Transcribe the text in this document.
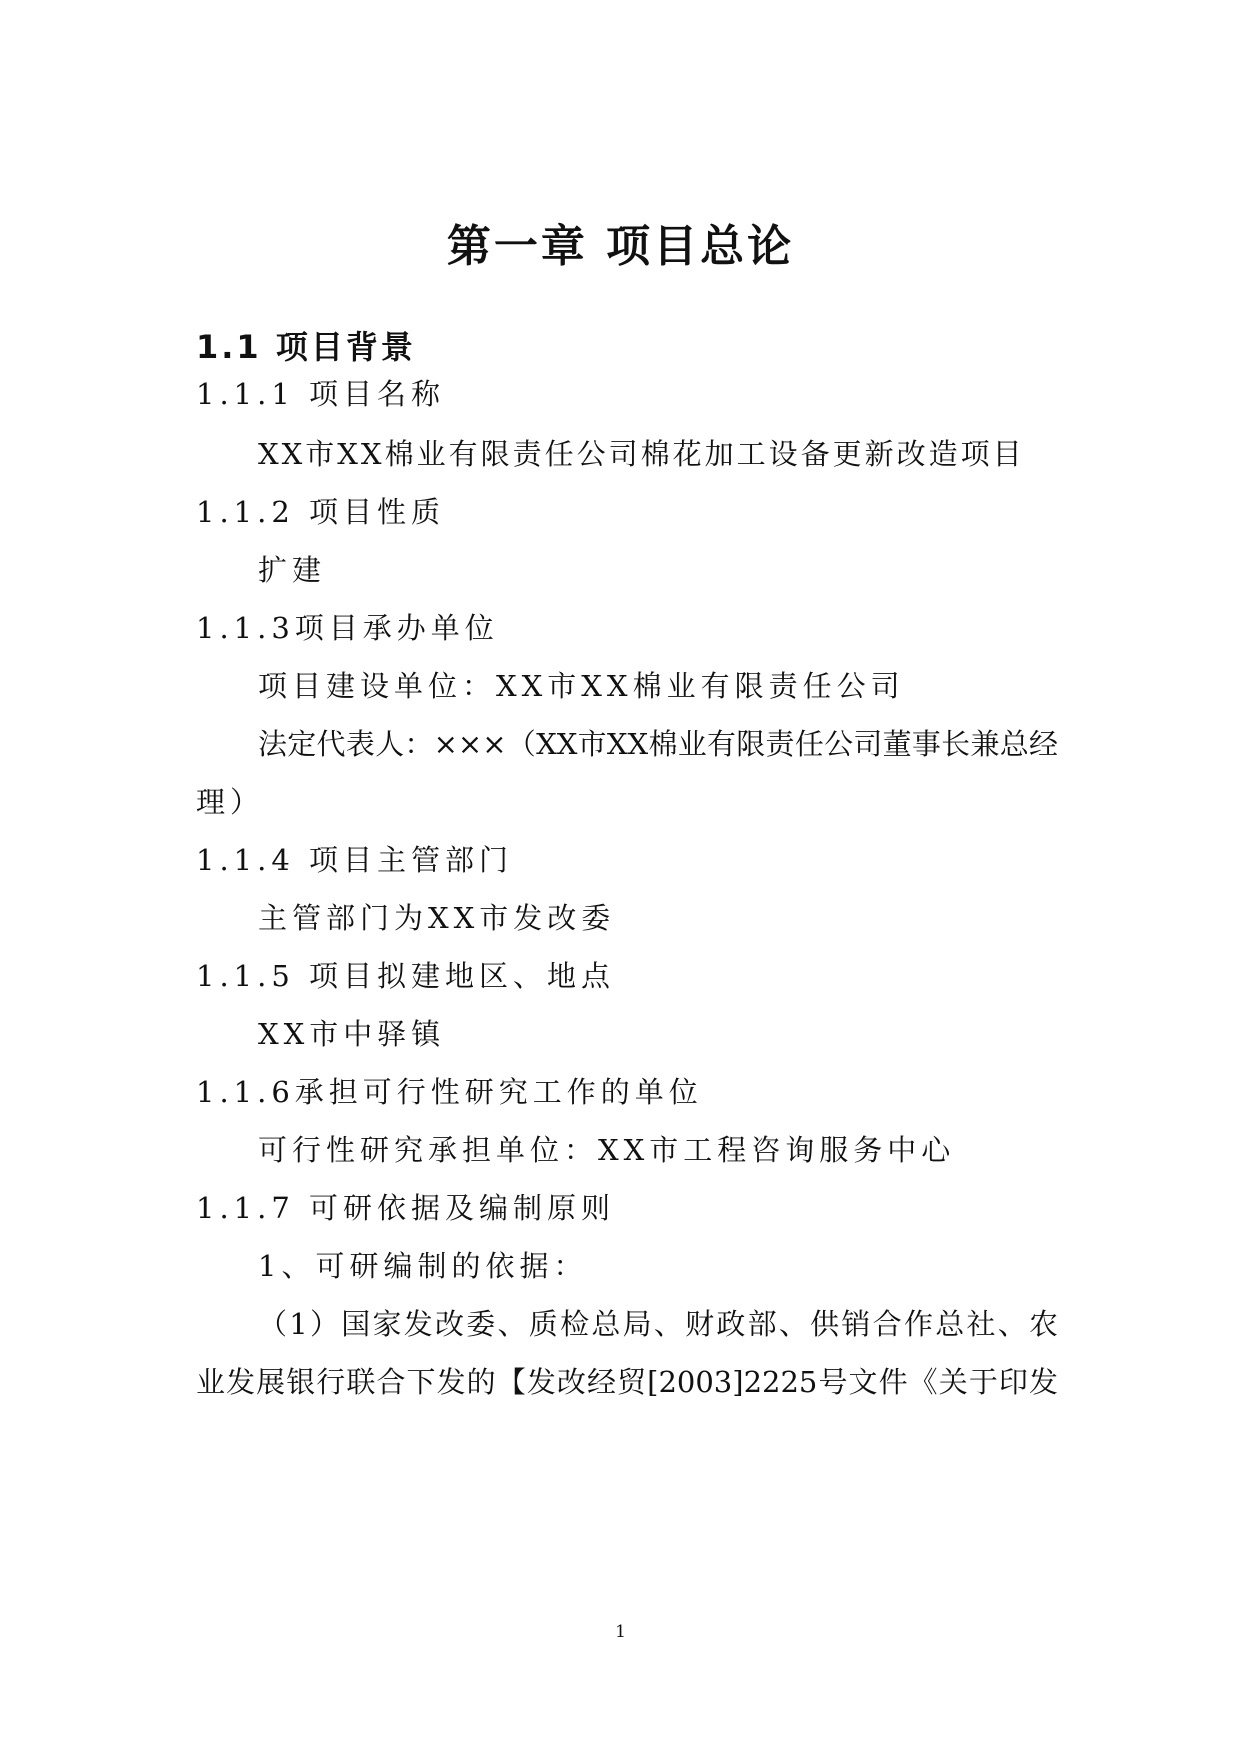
第一章 项目总论
1.1 项目背景

1.1.1 项目名称

XX市XX棉业有限责任公司棉花加工设备更新改造项目

1.1.2 项目性质

扩建

1.1.3项目承办单位

项目建设单位：XX市XX棉业有限责任公司

法定代表人：×××（XX市XX棉业有限责任公司董事长兼总经

理）

1.1.4 项目主管部门

主管部门为XX市发改委

1.1.5 项目拟建地区、地点

XX市中驿镇

1.1.6承担可行性研究工作的单位

可行性研究承担单位：XX市工程咨询服务中心

1.1.7 可研依据及编制原则

1、可研编制的依据：

（1）国家发改委、质检总局、财政部、供销合作总社、农

业发展银行联合下发的【发改经贸[2003]2225号文件《关于印发

1
